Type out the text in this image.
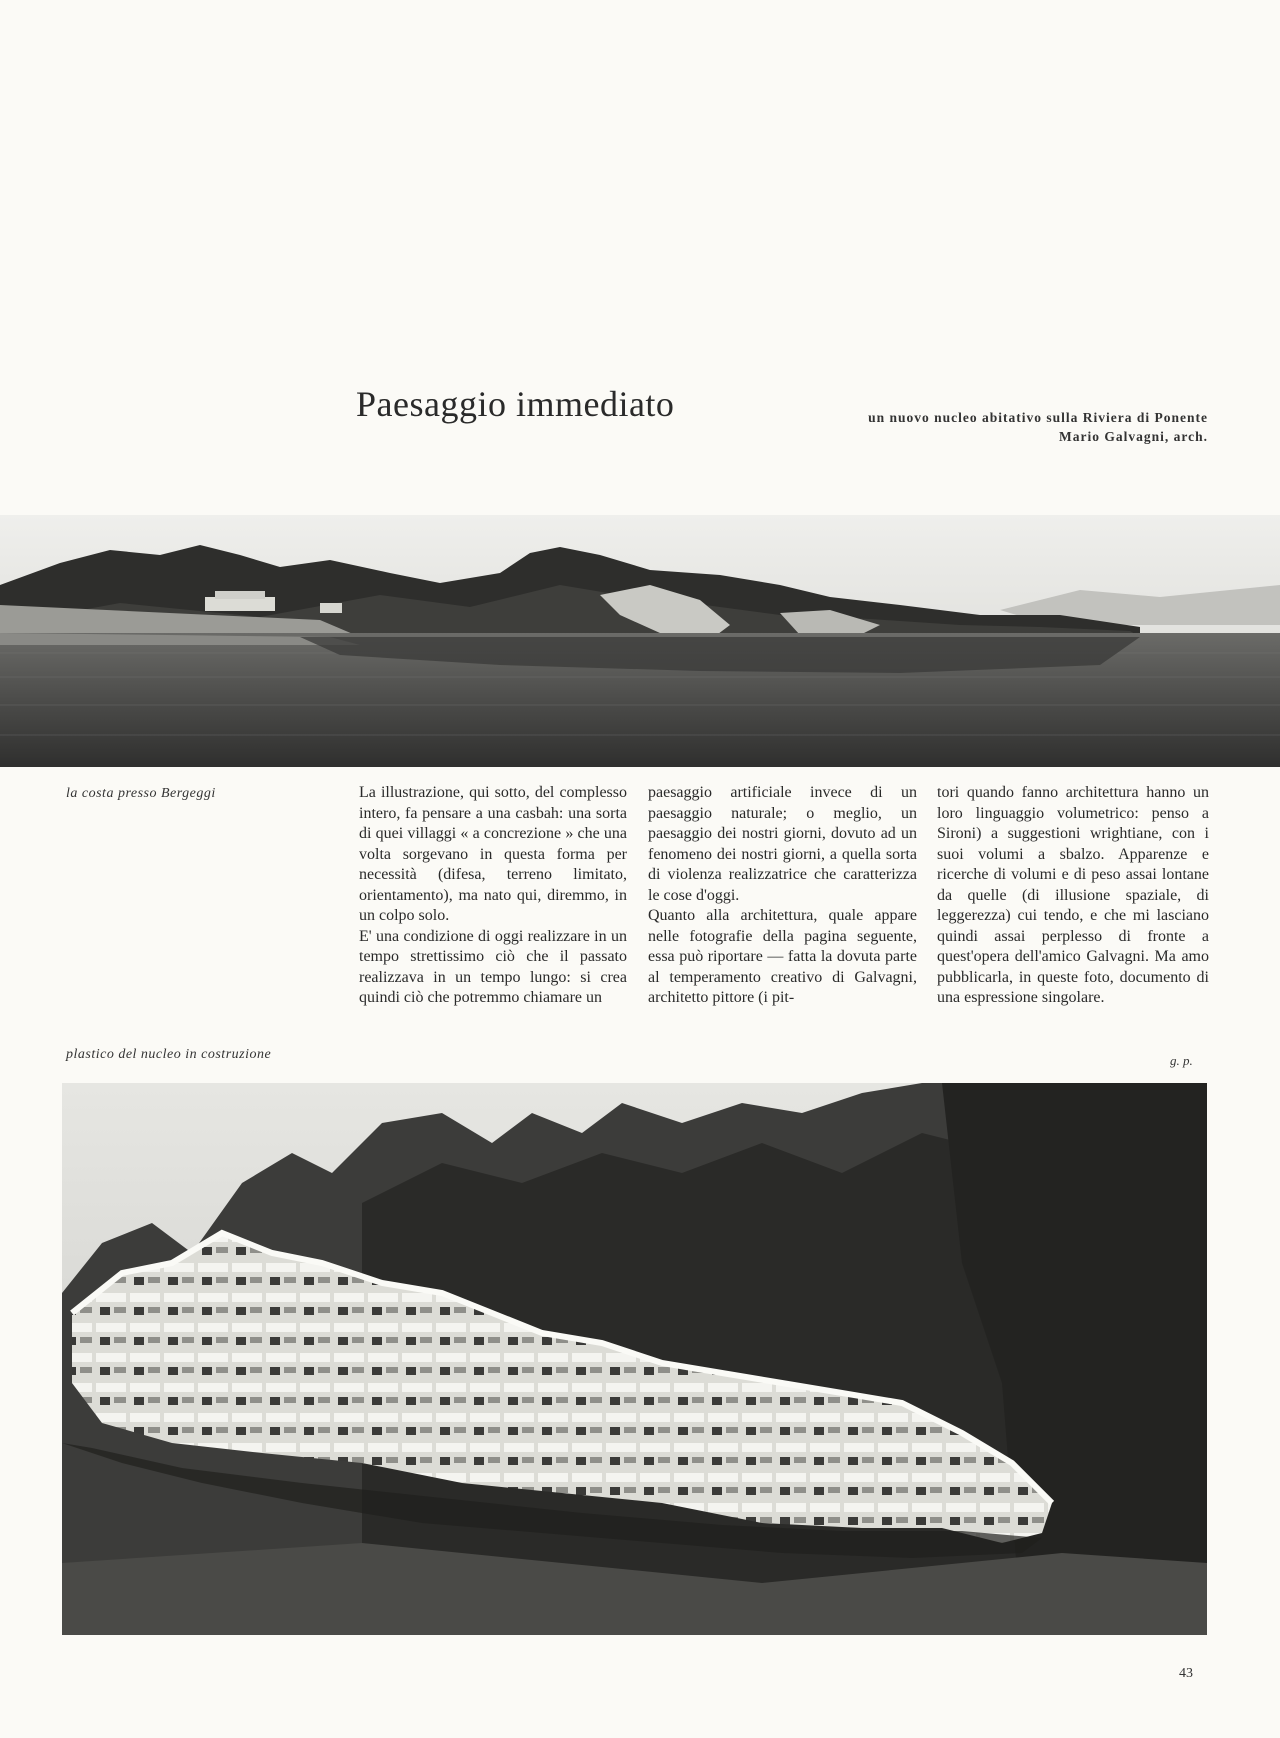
Paesaggio immediato	un nuovo nucleo abitativo sulla Riviera di Ponente
Mario Galvagni, arch.
la costa presso Bergeggi
plastico del nucleo in costruzione

La illustrazione, qui sotto, del complesso intero, fa pensare a una casbah: una sorta di quei villaggi « a concrezione » che una volta sorgevano in questa forma per necessità (difesa, terreno limitato, orientamento), ma nato qui, diremmo, in un colpo solo.

E' una condizione di oggi realizzare in un tempo strettissimo ciò che il passato realizzava in un tempo lungo: si crea quindi ciò che potremmo chiamare un

paesaggio artificiale invece di un paesaggio naturale; o meglio, un paesaggio dei nostri giorni, dovuto ad un fenomeno dei nostri giorni, a quella sorta di violenza realizzatrice che caratterizza le cose d'oggi.

Quanto alla architettura, quale appare nelle fotografie della pagina seguente, essa può riportare — fatta la dovuta parte al temperamento creativo di Galvagni, architetto pittore (i pit-

tori quando fanno architettura hanno un loro linguaggio volumetrico: penso a Sironi) a suggestioni wrightiane, con i suoi volumi a sbalzo. Apparenze e ricerche di volumi e di peso assai lontane da quelle (di illusione spaziale, di leggerezza) cui tendo, e che mi lasciano quindi assai perplesso di fronte a quest'opera dell'amico Galvagni. Ma amo pubblicarla, in queste foto, documento di una espressione singolare.

g. p.
43
